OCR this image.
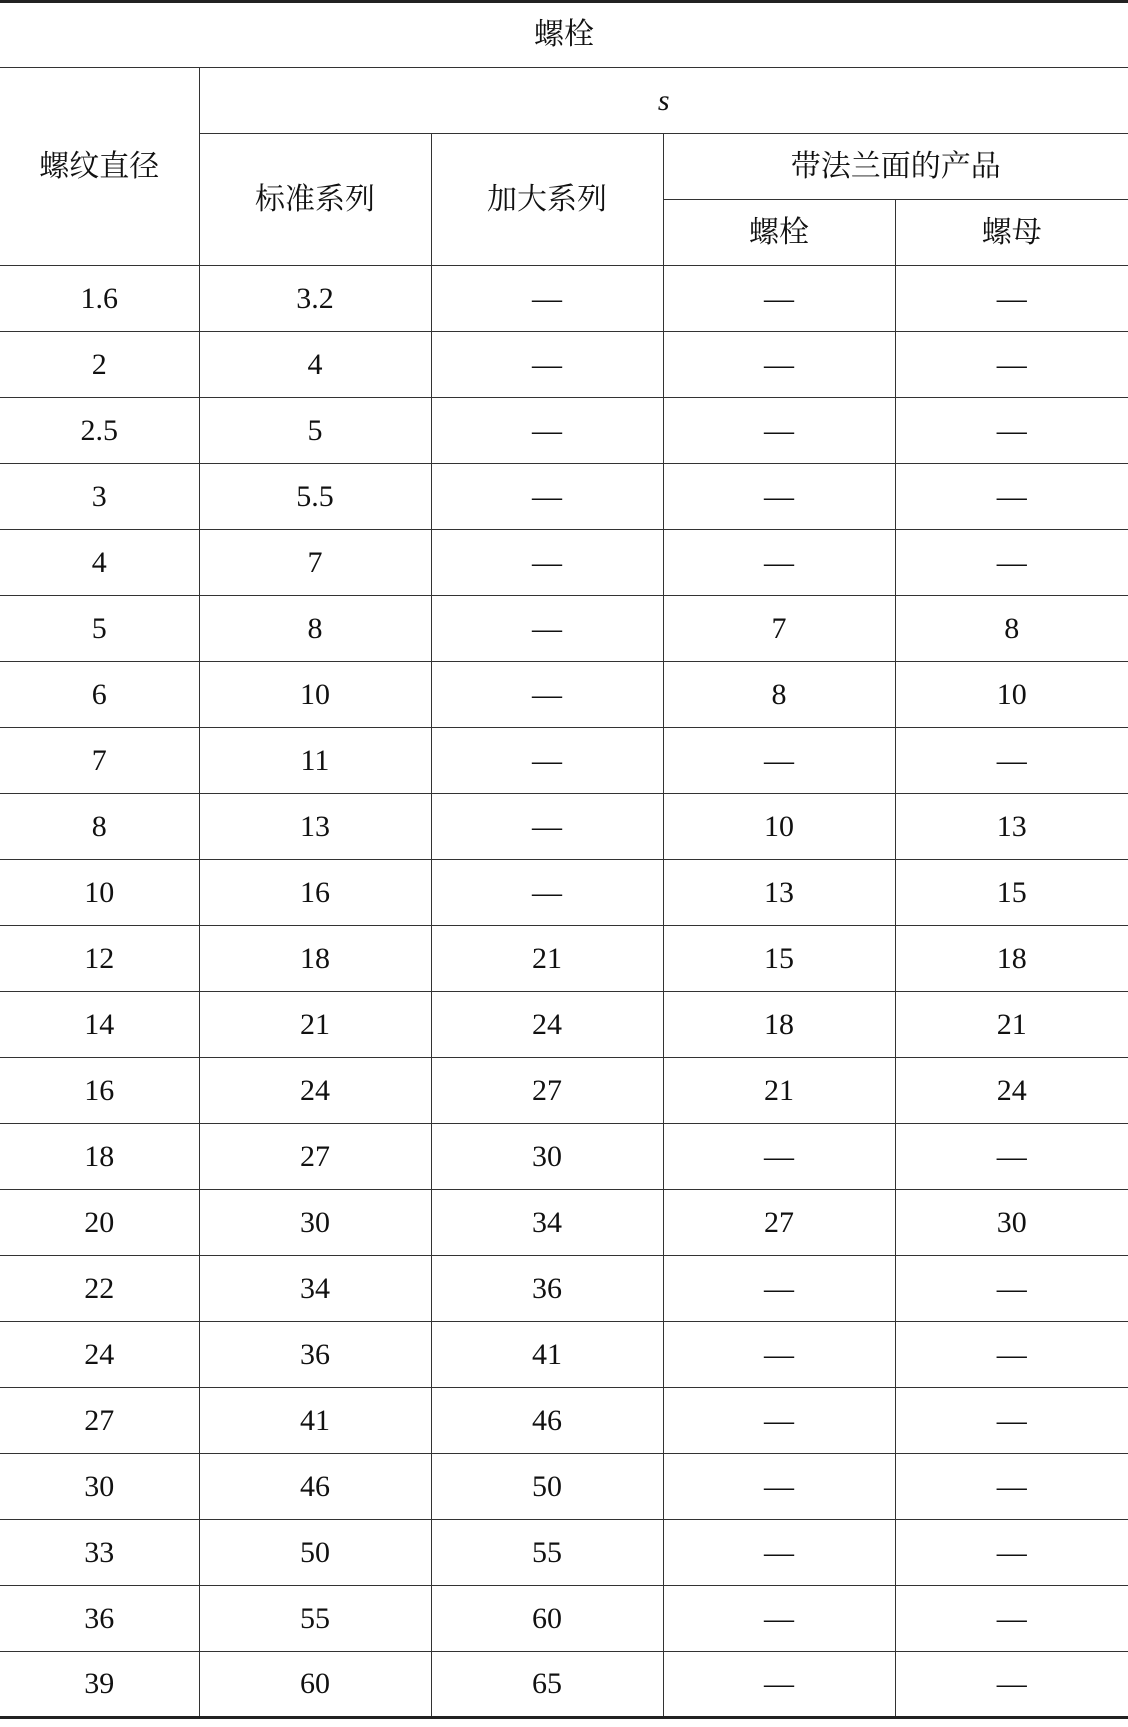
螺栓				
螺纹直径	s			
	标准系列	加大系列	带法兰面的产品	
			螺栓	螺母
1.6	3.2	—	—	—
2	4	—	—	—
2.5	5	—	—	—
3	5.5	—	—	—
4	7	—	—	—
5	8	—	7	8
6	10	—	8	10
7	11	—	—	—
8	13	—	10	13
10	16	—	13	15
12	18	21	15	18
14	21	24	18	21
16	24	27	21	24
18	27	30	—	—
20	30	34	27	30
22	34	36	—	—
24	36	41	—	—
27	41	46	—	—
30	46	50	—	—
33	50	55	—	—
36	55	60	—	—
39	60	65	—	—
